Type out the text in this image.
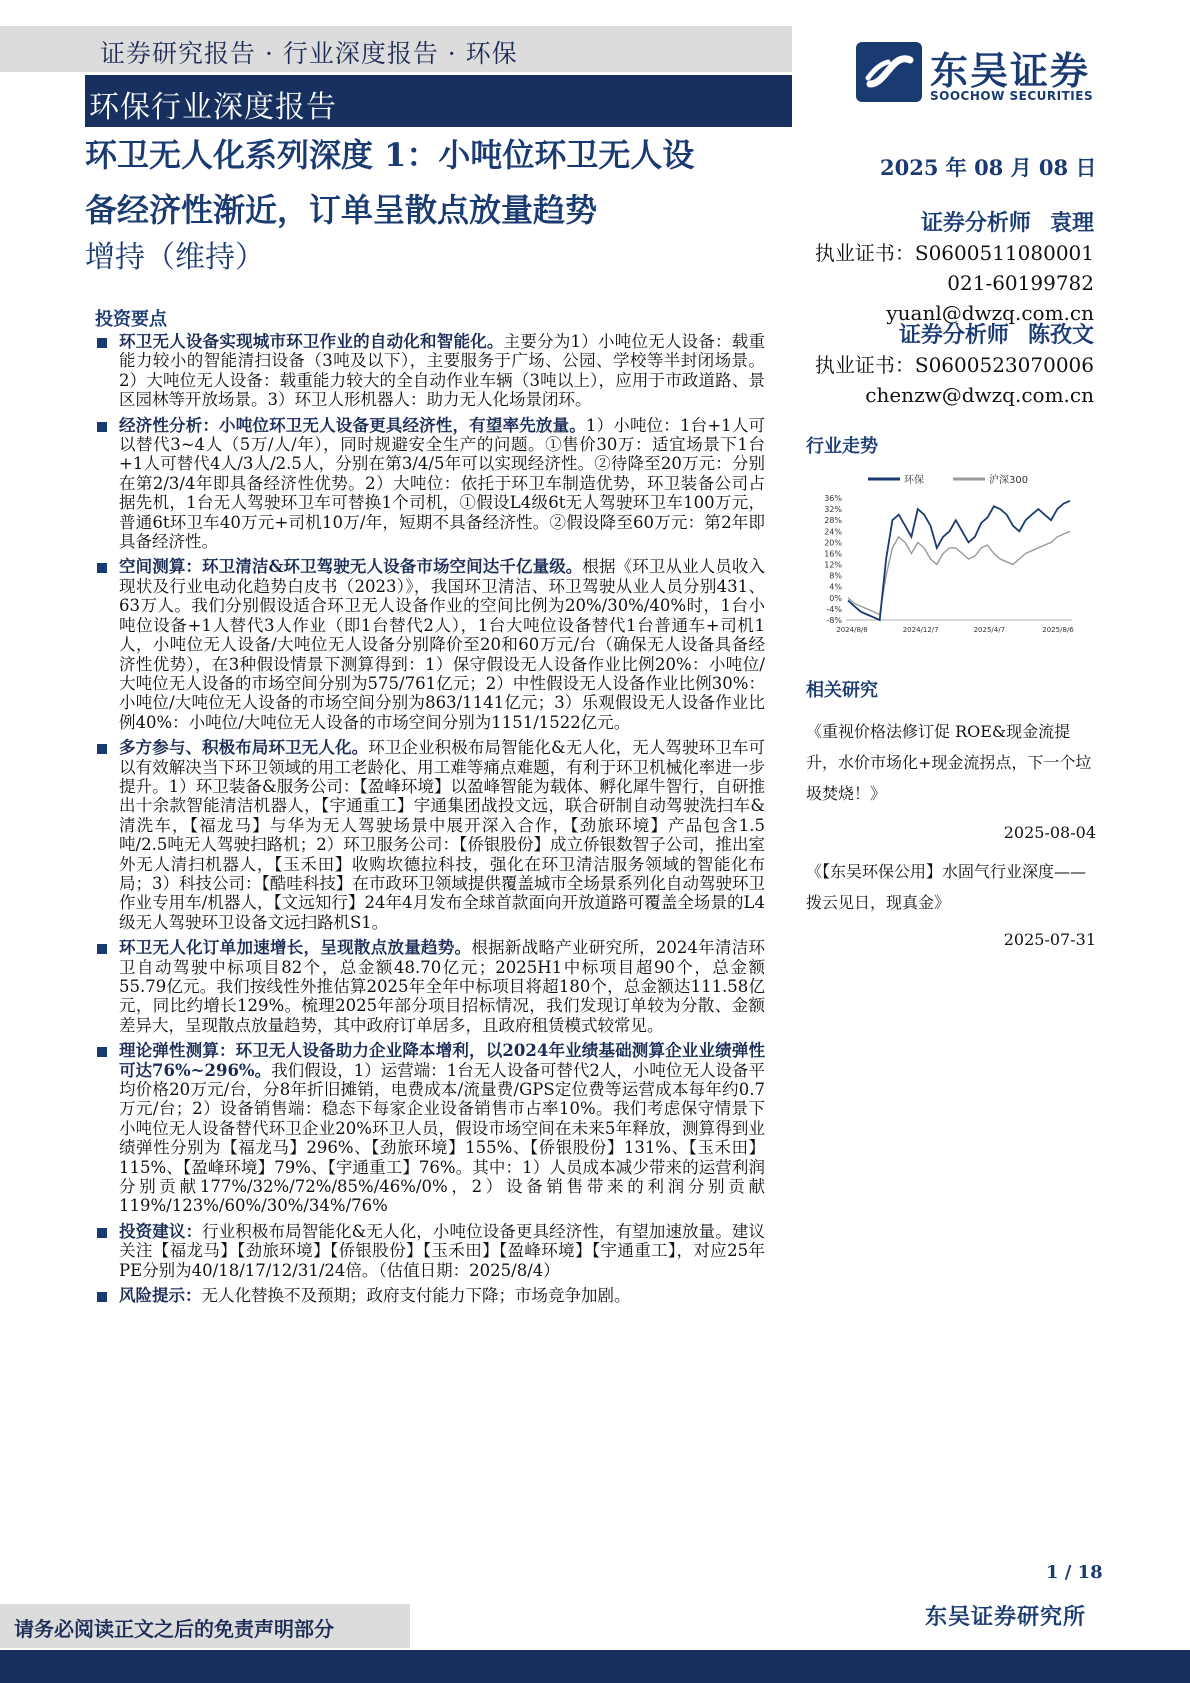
证券研究报告 · 行业深度报告 · 环保
环保行业深度报告
东吴证券
SOOCHOW SECURITIES
环卫无人化系列深度 1：小吨位环卫无人设
备经济性渐近，订单呈散点放量趋势
增持（维持）
2025 年 08 月 08 日
证券分析师 袁理
执业证书：S0600511080001
021-60199782
yuanl@dwzq.com.cn
证券分析师 陈孜文
执业证书：S0600523070006
chenzw@dwzq.com.cn
投资要点
环卫无人设备实现城市环卫作业的自动化和智能化。主要分为1）小吨位无人设备：载重能力较小的智能清扫设备（3吨及以下），主要服务于广场、公园、学校等半封闭场景。2）大吨位无人设备：载重能力较大的全自动作业车辆（3吨以上），应用于市政道路、景区园林等开放场景。3）环卫人形机器人：助力无人化场景闭环。
经济性分析：小吨位环卫无人设备更具经济性，有望率先放量。1）小吨位：1台+1人可以替代3~4人（5万/人/年），同时规避安全生产的问题。①售价30万：适宜场景下1台+1人可替代4人/3人/2.5人，分别在第3/4/5年可以实现经济性。②待降至20万元：分别在第2/3/4年即具备经济性优势。2）大吨位：依托于环卫车制造优势，环卫装备公司占据先机，1台无人驾驶环卫车可替换1个司机，①假设L4级6t无人驾驶环卫车100万元，普通6t环卫车40万元+司机10万/年，短期不具备经济性。②假设降至60万元：第2年即具备经济性。
空间测算：环卫清洁&环卫驾驶无人设备市场空间达千亿量级。根据《环卫从业人员收入现状及行业电动化趋势白皮书（2023）》，我国环卫清洁、环卫驾驶从业人员分别431、63万人。我们分别假设适合环卫无人设备作业的空间比例为20%/30%/40%时，1台小吨位设备+1人替代3人作业（即1台替代2人），1台大吨位设备替代1台普通车+司机1人，小吨位无人设备/大吨位无人设备分别降价至20和60万元/台（确保无人设备具备经济性优势），在3种假设情景下测算得到：1）保守假设无人设备作业比例20%：小吨位/大吨位无人设备的市场空间分别为575/761亿元；2）中性假设无人设备作业比例30%：小吨位/大吨位无人设备的市场空间分别为863/1141亿元；3）乐观假设无人设备作业比例40%：小吨位/大吨位无人设备的市场空间分别为1151/1522亿元。
多方参与、积极布局环卫无人化。环卫企业积极布局智能化&无人化，无人驾驶环卫车可以有效解决当下环卫领域的用工老龄化、用工难等痛点难题，有利于环卫机械化率进一步提升。1）环卫装备&服务公司：【盈峰环境】以盈峰智能为载体、孵化犀牛智行，自研推出十余款智能清洁机器人，【宇通重工】宇通集团战投文远，联合研制自动驾驶洗扫车&清洗车，【福龙马】与华为无人驾驶场景中展开深入合作，【劲旅环境】产品包含1.5吨/2.5吨无人驾驶扫路机；2）环卫服务公司：【侨银股份】成立侨银数智子公司，推出室外无人清扫机器人，【玉禾田】收购坎德拉科技，强化在环卫清洁服务领域的智能化布局；3）科技公司：【酷哇科技】在市政环卫领域提供覆盖城市全场景系列化自动驾驶环卫作业专用车/机器人，【文远知行】24年4月发布全球首款面向开放道路可覆盖全场景的L4级无人驾驶环卫设备文远扫路机S1。
环卫无人化订单加速增长，呈现散点放量趋势。根据新战略产业研究所，2024年清洁环卫自动驾驶中标项目82个，总金额48.70亿元；2025H1中标项目超90个，总金额55.79亿元。我们按线性外推估算2025年全年中标项目将超180个，总金额达111.58亿元，同比约增长129%。梳理2025年部分项目招标情况，我们发现订单较为分散、金额差异大，呈现散点放量趋势，其中政府订单居多，且政府租赁模式较常见。
理论弹性测算：环卫无人设备助力企业降本增利，以2024年业绩基础测算企业业绩弹性可达76%~296%。我们假设，1）运营端：1台无人设备可替代2人，小吨位无人设备平均价格20万元/台，分8年折旧摊销，电费成本/流量费/GPS定位费等运营成本每年约0.7万元/台；2）设备销售端：稳态下每家企业设备销售市占率10%。我们考虑保守情景下小吨位无人设备替代环卫企业20%环卫人员，假设市场空间在未来5年释放，测算得到业绩弹性分别为【福龙马】296%、【劲旅环境】155%、【侨银股份】131%、【玉禾田】115%、【盈峰环境】79%、【宇通重工】76%。其中：1）人员成本减少带来的运营利润分别贡献177%/32%/72%/85%/46%/0%，2）设备销售带来的利润分别贡献119%/123%/60%/30%/34%/76%
投资建议：行业积极布局智能化&无人化，小吨位设备更具经济性，有望加速放量。建议关注【福龙马】【劲旅环境】【侨银股份】【玉禾田】【盈峰环境】【宇通重工】，对应25年PE分别为40/18/17/12/31/24倍。（估值日期：2025/8/4）
风险提示：无人化替换不及预期；政府支付能力下降；市场竞争加剧。
行业走势
环保	沪深300
-8%
-4%
0%
4%
8%
12%
16%
20%
24%
28%
32%
36%
2024/8/8	2024/12/7	2025/4/7	2025/8/6
相关研究
《重视价格法修订促 ROE&现金流提升，水价市场化+现金流拐点，下一个垃圾焚烧！》
2025-08-04
《【东吴环保公用】水固气行业深度——拨云见日，现真金》
2025-07-31
1 / 18
东吴证券研究所
请务必阅读正文之后的免责声明部分
